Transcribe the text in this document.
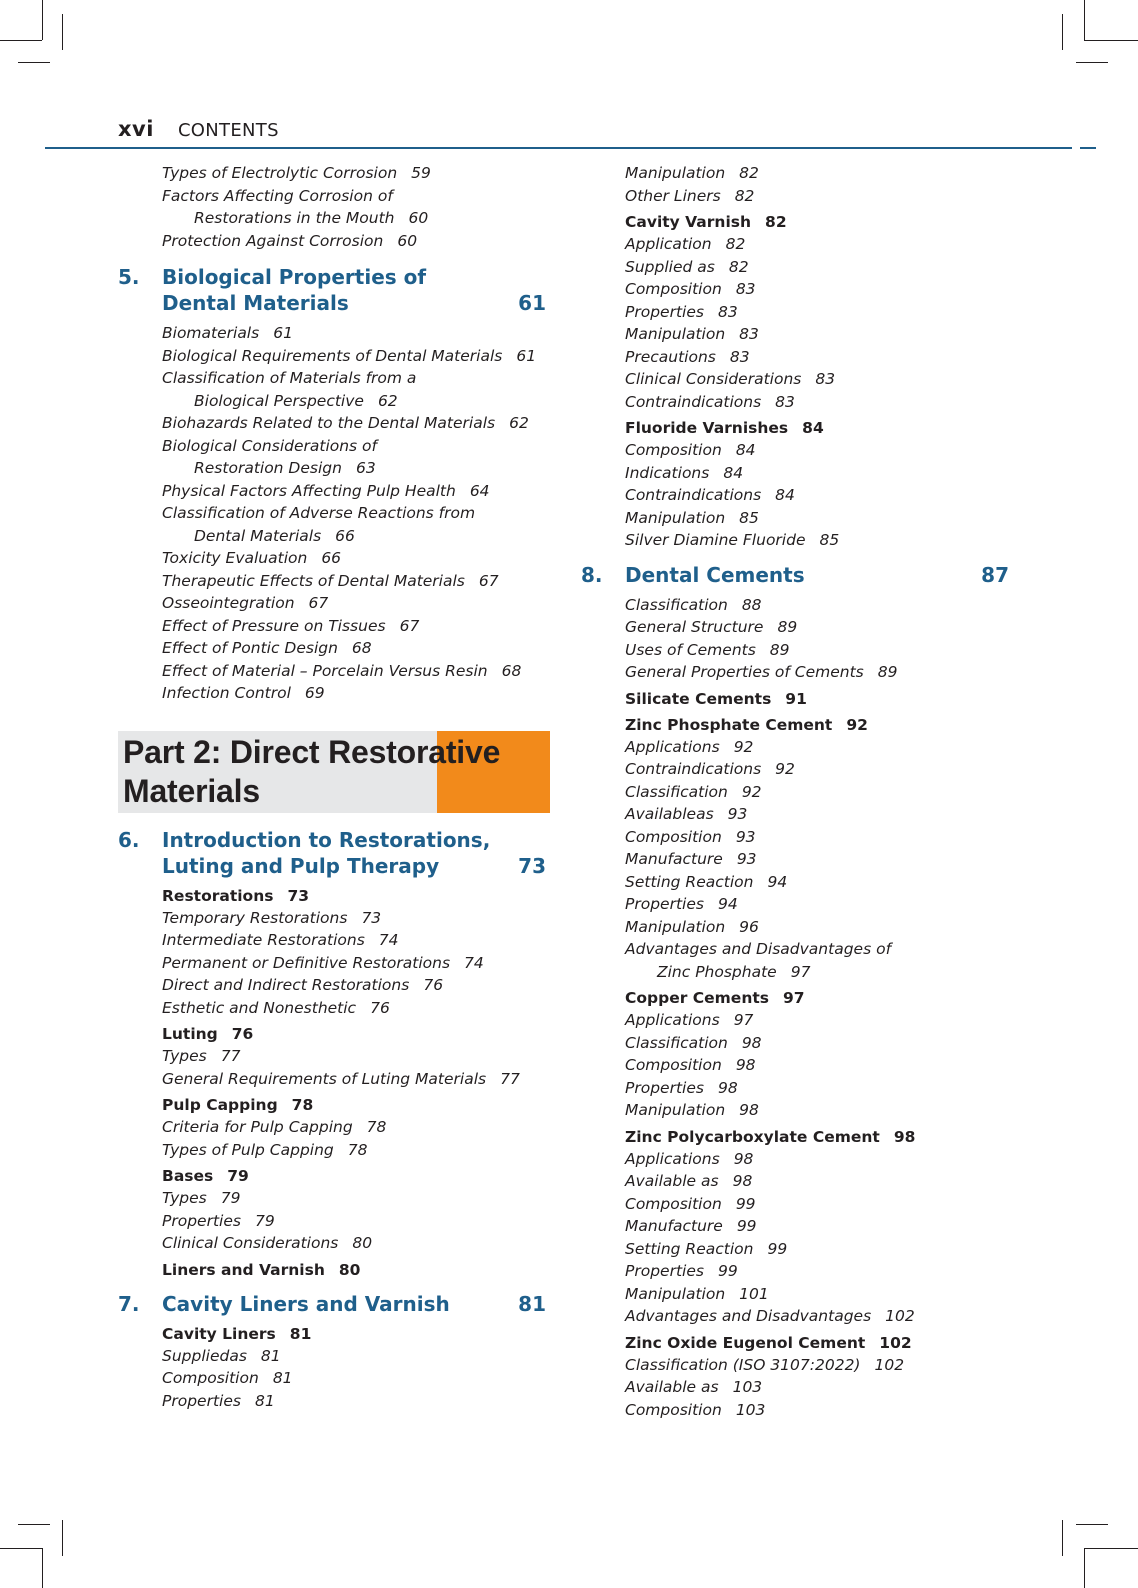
xvi CONTENTS
Types of Electrolytic Corrosion 59
Factors Affecting Corrosion of
Restorations in the Mouth 60
Protection Against Corrosion 60
5. Biological Properties of
Dental Materials	61
Biomaterials 61
Biological Requirements of Dental Materials 61
Classification of Materials from a
Biological Perspective 62
Biohazards Related to the Dental Materials 62
Biological Considerations of
Restoration Design 63
Physical Factors Affecting Pulp Health 64
Classification of Adverse Reactions from
Dental Materials 66
Toxicity Evaluation 66
Therapeutic Effects of Dental Materials 67
Osseointegration 67
Effect of Pressure on Tissues 67
Effect of Pontic Design 68
Effect of Material – Porcelain Versus Resin 68
Infection Control 69
Part 2: Direct Restorative
Materials
6. Introduction to Restorations,
Luting and Pulp Therapy	73
Restorations 73
Temporary Restorations 73
Intermediate Restorations 74
Permanent or Definitive Restorations 74
Direct and Indirect Restorations 76
Esthetic and Nonesthetic 76
Luting 76
Types 77
General Requirements of Luting Materials 77
Pulp Capping 78
Criteria for Pulp Capping 78
Types of Pulp Capping 78
Bases 79
Types 79
Properties 79
Clinical Considerations 80
Liners and Varnish 80
7. Cavity Liners and Varnish	81
Cavity Liners 81
Suppliedas 81
Composition 81
Properties 81
Manipulation 82
Other Liners 82
Cavity Varnish 82
Application 82
Supplied as 82
Composition 83
Properties 83
Manipulation 83
Precautions 83
Clinical Considerations 83
Contraindications 83
Fluoride Varnishes 84
Composition 84
Indications 84
Contraindications 84
Manipulation 85
Silver Diamine Fluoride 85
8. Dental Cements	87
Classification 88
General Structure 89
Uses of Cements 89
General Properties of Cements 89
Silicate Cements 91
Zinc Phosphate Cement 92
Applications 92
Contraindications 92
Classification 92
Availableas 93
Composition 93
Manufacture 93
Setting Reaction 94
Properties 94
Manipulation 96
Advantages and Disadvantages of
Zinc Phosphate 97
Copper Cements 97
Applications 97
Classification 98
Composition 98
Properties 98
Manipulation 98
Zinc Polycarboxylate Cement 98
Applications 98
Available as 98
Composition 99
Manufacture 99
Setting Reaction 99
Properties 99
Manipulation 101
Advantages and Disadvantages 102
Zinc Oxide Eugenol Cement 102
Classification (ISO 3107:2022) 102
Available as 103
Composition 103
